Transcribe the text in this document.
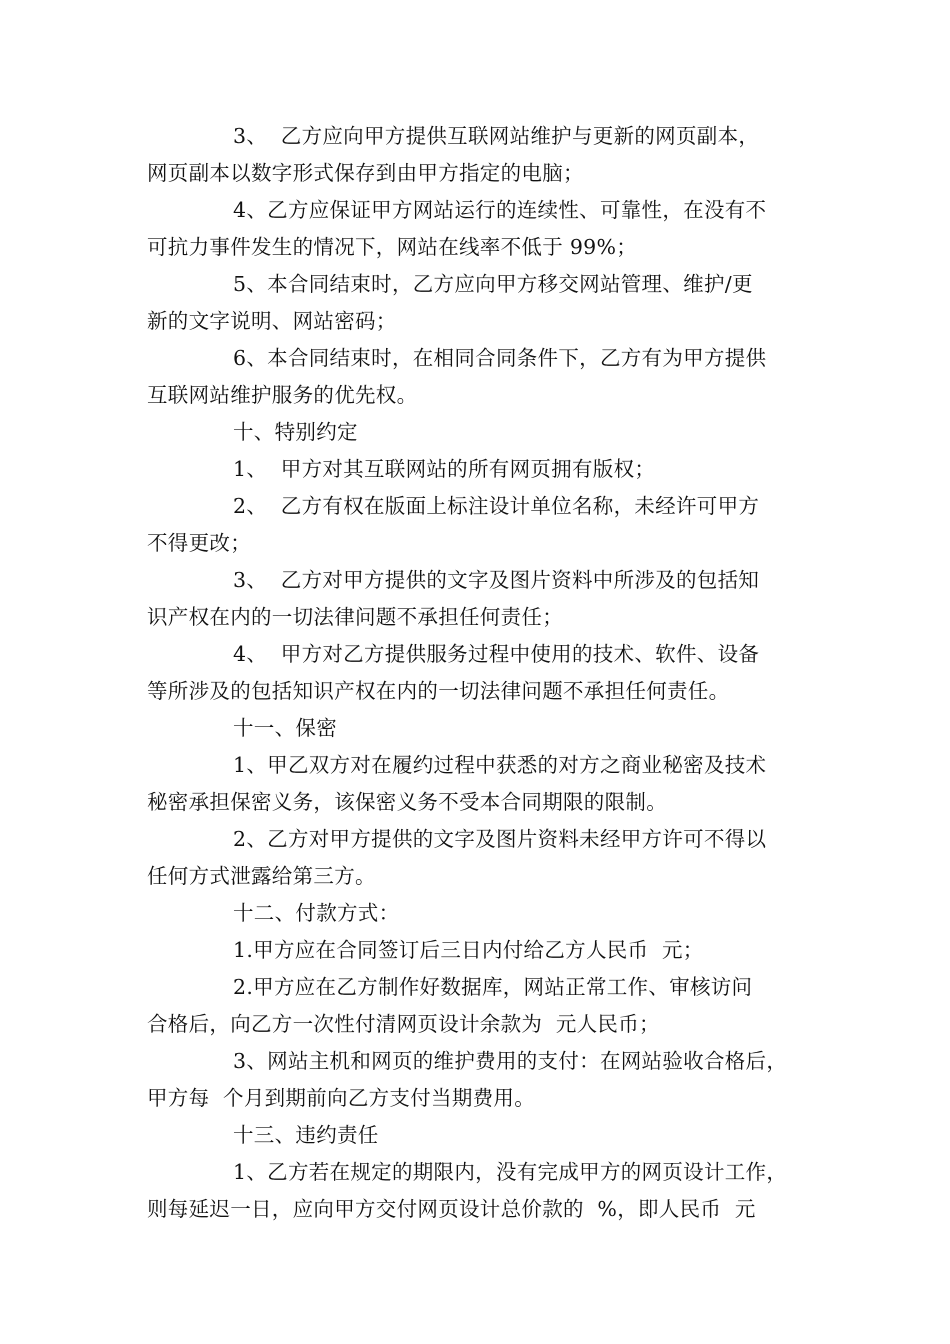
3、  乙方应向甲方提供互联网站维护与更新的网页副本，
网页副本以数字形式保存到由甲方指定的电脑；
4、乙方应保证甲方网站运行的连续性、可靠性，在没有不
可抗力事件发生的情况下，网站在线率不低于 99%；
5、本合同结束时，乙方应向甲方移交网站管理、维护/更
新的文字说明、网站密码；
6、本合同结束时，在相同合同条件下，乙方有为甲方提供
互联网站维护服务的优先权。
十、特别约定
1、  甲方对其互联网站的所有网页拥有版权；
2、  乙方有权在版面上标注设计单位名称，未经许可甲方
不得更改；
3、  乙方对甲方提供的文字及图片资料中所涉及的包括知
识产权在内的一切法律问题不承担任何责任；
4、  甲方对乙方提供服务过程中使用的技术、软件、设备
等所涉及的包括知识产权在内的一切法律问题不承担任何责任。
十一、保密
1、甲乙双方对在履约过程中获悉的对方之商业秘密及技术
秘密承担保密义务，该保密义务不受本合同期限的限制。
2、乙方对甲方提供的文字及图片资料未经甲方许可不得以
任何方式泄露给第三方。
十二、付款方式：
1.甲方应在合同签订后三日内付给乙方人民币  元；
2.甲方应在乙方制作好数据库，网站正常工作、审核访问
合格后，向乙方一次性付清网页设计余款为  元人民币；
3、网站主机和网页的维护费用的支付：在网站验收合格后，
甲方每  个月到期前向乙方支付当期费用。
十三、违约责任
1、乙方若在规定的期限内，没有完成甲方的网页设计工作，
则每延迟一日，应向甲方交付网页设计总价款的  %，即人民币  元
